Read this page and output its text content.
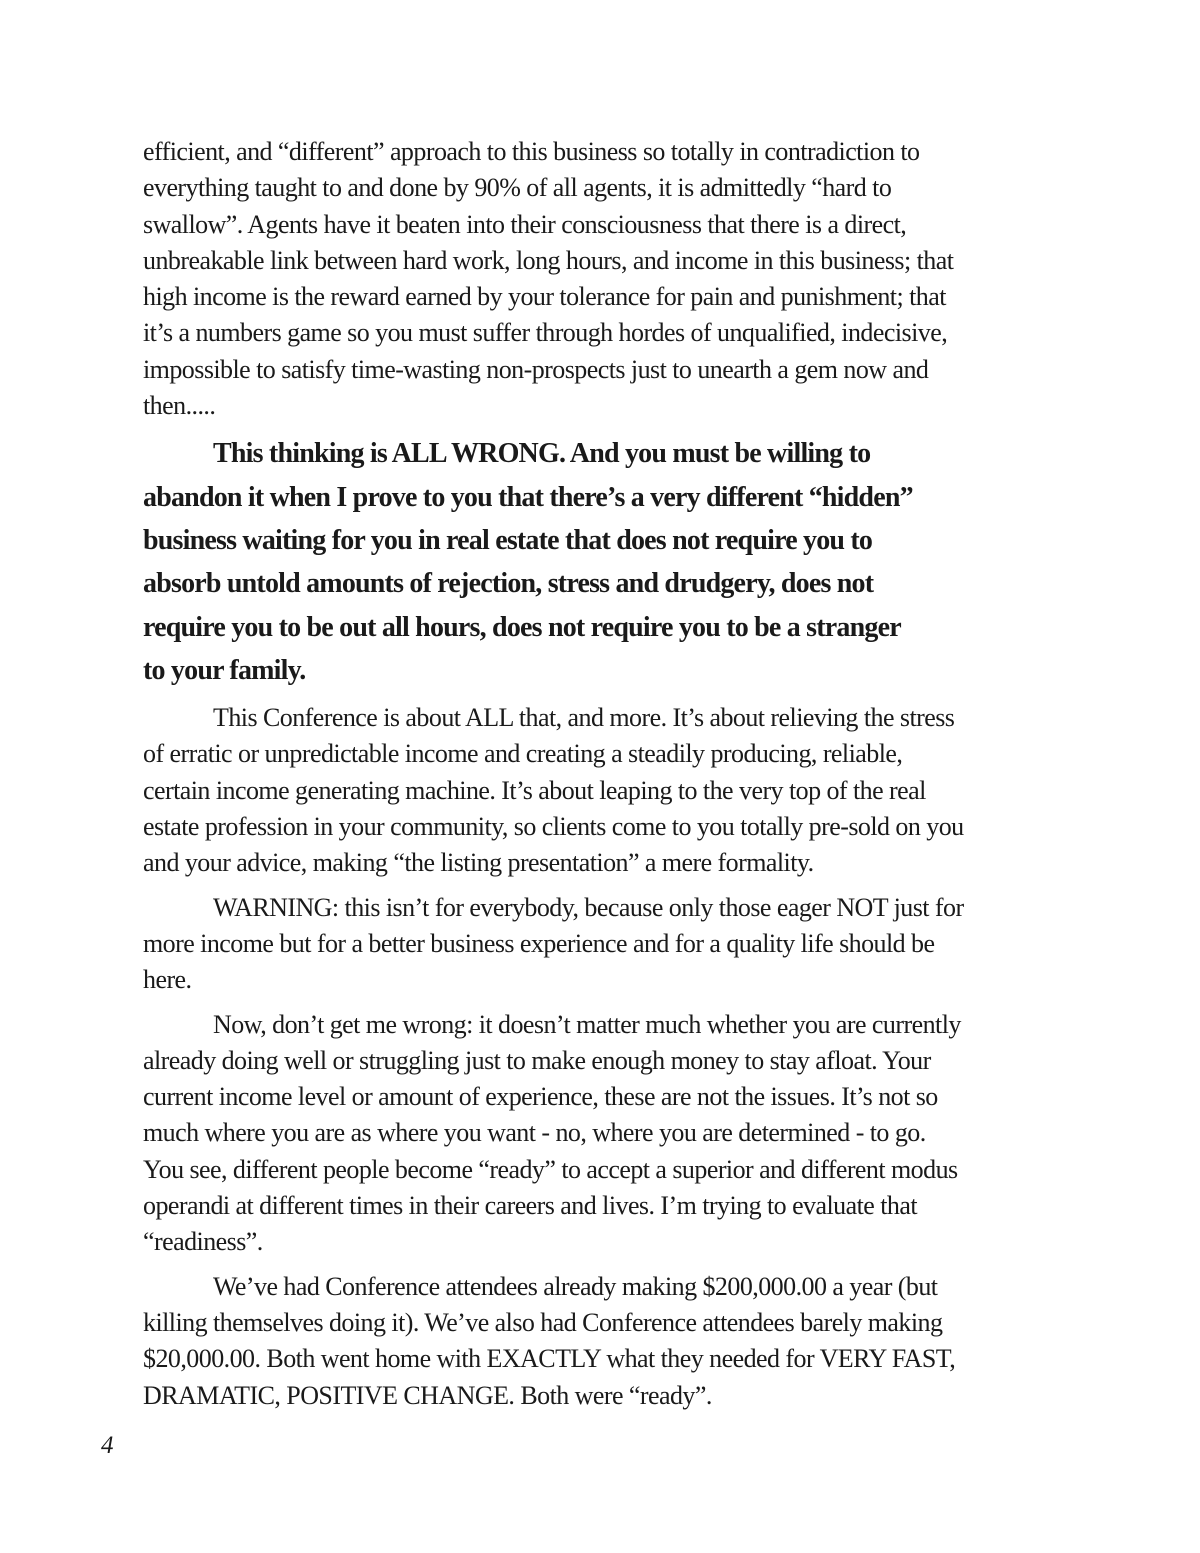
efficient, and “different” approach to this business so totally in contradiction to
everything taught to and done by 90% of all agents, it is admittedly “hard to
swallow”. Agents have it beaten into their consciousness that there is a direct,
unbreakable link between hard work, long hours, and income in this business; that
high income is the reward earned by your tolerance for pain and punishment; that
it’s a numbers game so you must suffer through hordes of unqualified, indecisive,
impossible to satisfy time-wasting non-prospects just to unearth a gem now and
then.....
This thinking is ALL WRONG. And you must be willing to
abandon it when I prove to you that there’s a very different “hidden”
business waiting for you in real estate that does not require you to
absorb untold amounts of rejection, stress and drudgery, does not
require you to be out all hours, does not require you to be a stranger
to your family.
This Conference is about ALL that, and more. It’s about relieving the stress
of erratic or unpredictable income and creating a steadily producing, reliable,
certain income generating machine. It’s about leaping to the very top of the real
estate profession in your community, so clients come to you totally pre-sold on you
and your advice, making “the listing presentation” a mere formality.
WARNING: this isn’t for everybody, because only those eager NOT just for
more income but for a better business experience and for a quality life should be
here.
Now, don’t get me wrong: it doesn’t matter much whether you are currently
already doing well or struggling just to make enough money to stay afloat. Your
current income level or amount of experience, these are not the issues. It’s not so
much where you are as where you want - no, where you are determined - to go.
You see, different people become “ready” to accept a superior and different modus
operandi at different times in their careers and lives. I’m trying to evaluate that
“readiness”.
We’ve had Conference attendees already making $200,000.00 a year (but
killing themselves doing it). We’ve also had Conference attendees barely making
$20,000.00. Both went home with EXACTLY what they needed for VERY FAST,
DRAMATIC, POSITIVE CHANGE. Both were “ready”.
4
